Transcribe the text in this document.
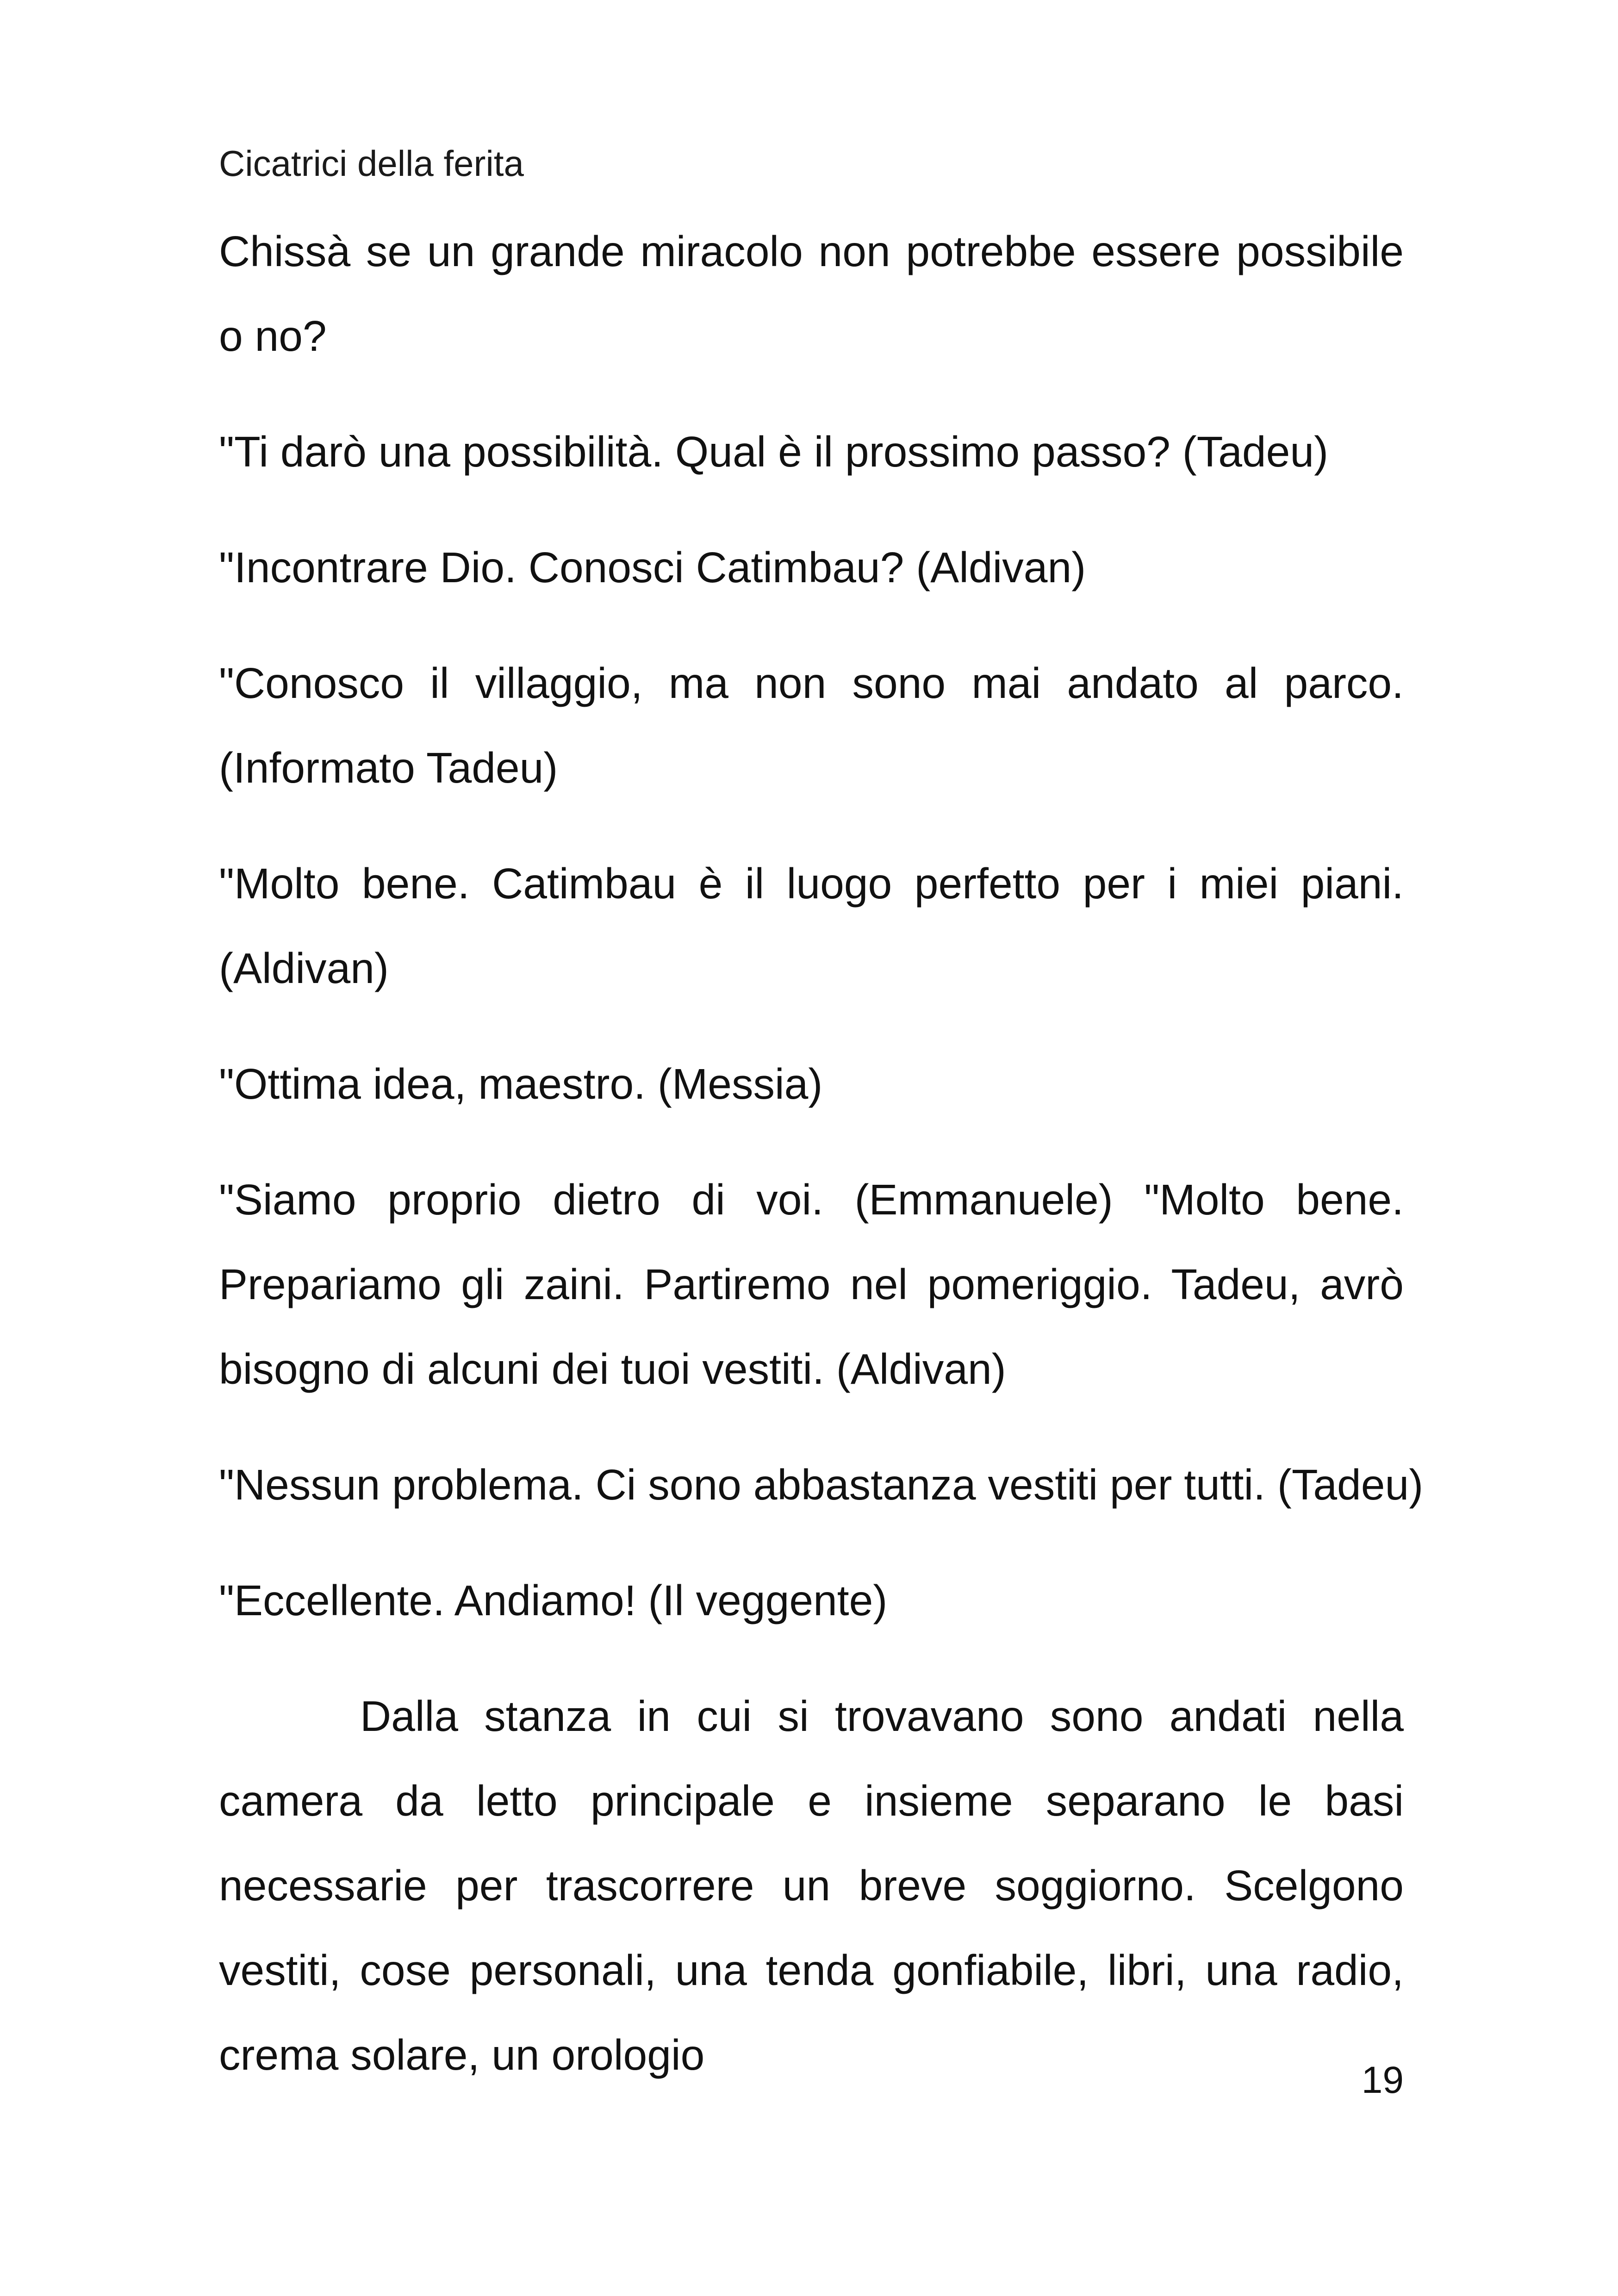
Cicatrici della ferita

Chissà se un grande miracolo non potrebbe essere possibile o no?

"Ti darò una possibilità. Qual è il prossimo passo? (Tadeu)

"Incontrare Dio. Conosci Catimbau? (Aldivan)

"Conosco il villaggio, ma non sono mai andato al parco. (Informato Tadeu)

"Molto bene. Catimbau è il luogo perfetto per i miei piani. (Aldivan)

"Ottima idea, maestro. (Messia)

"Siamo proprio dietro di voi. (Emmanuele) "Molto bene. Prepariamo gli zaini. Partiremo nel pomeriggio. Tadeu, avrò bisogno di alcuni dei tuoi vestiti. (Aldivan)

"Nessun problema. Ci sono abbastanza vestiti per tutti. (Tadeu)

"Eccellente. Andiamo! (Il veggente)

Dalla stanza in cui si trovavano sono andati nella camera da letto principale e insieme separano le basi necessarie per trascorrere un breve soggiorno. Scelgono vestiti, cose personali, una tenda gonfiabile, libri, una radio, crema solare, un orologio

19
